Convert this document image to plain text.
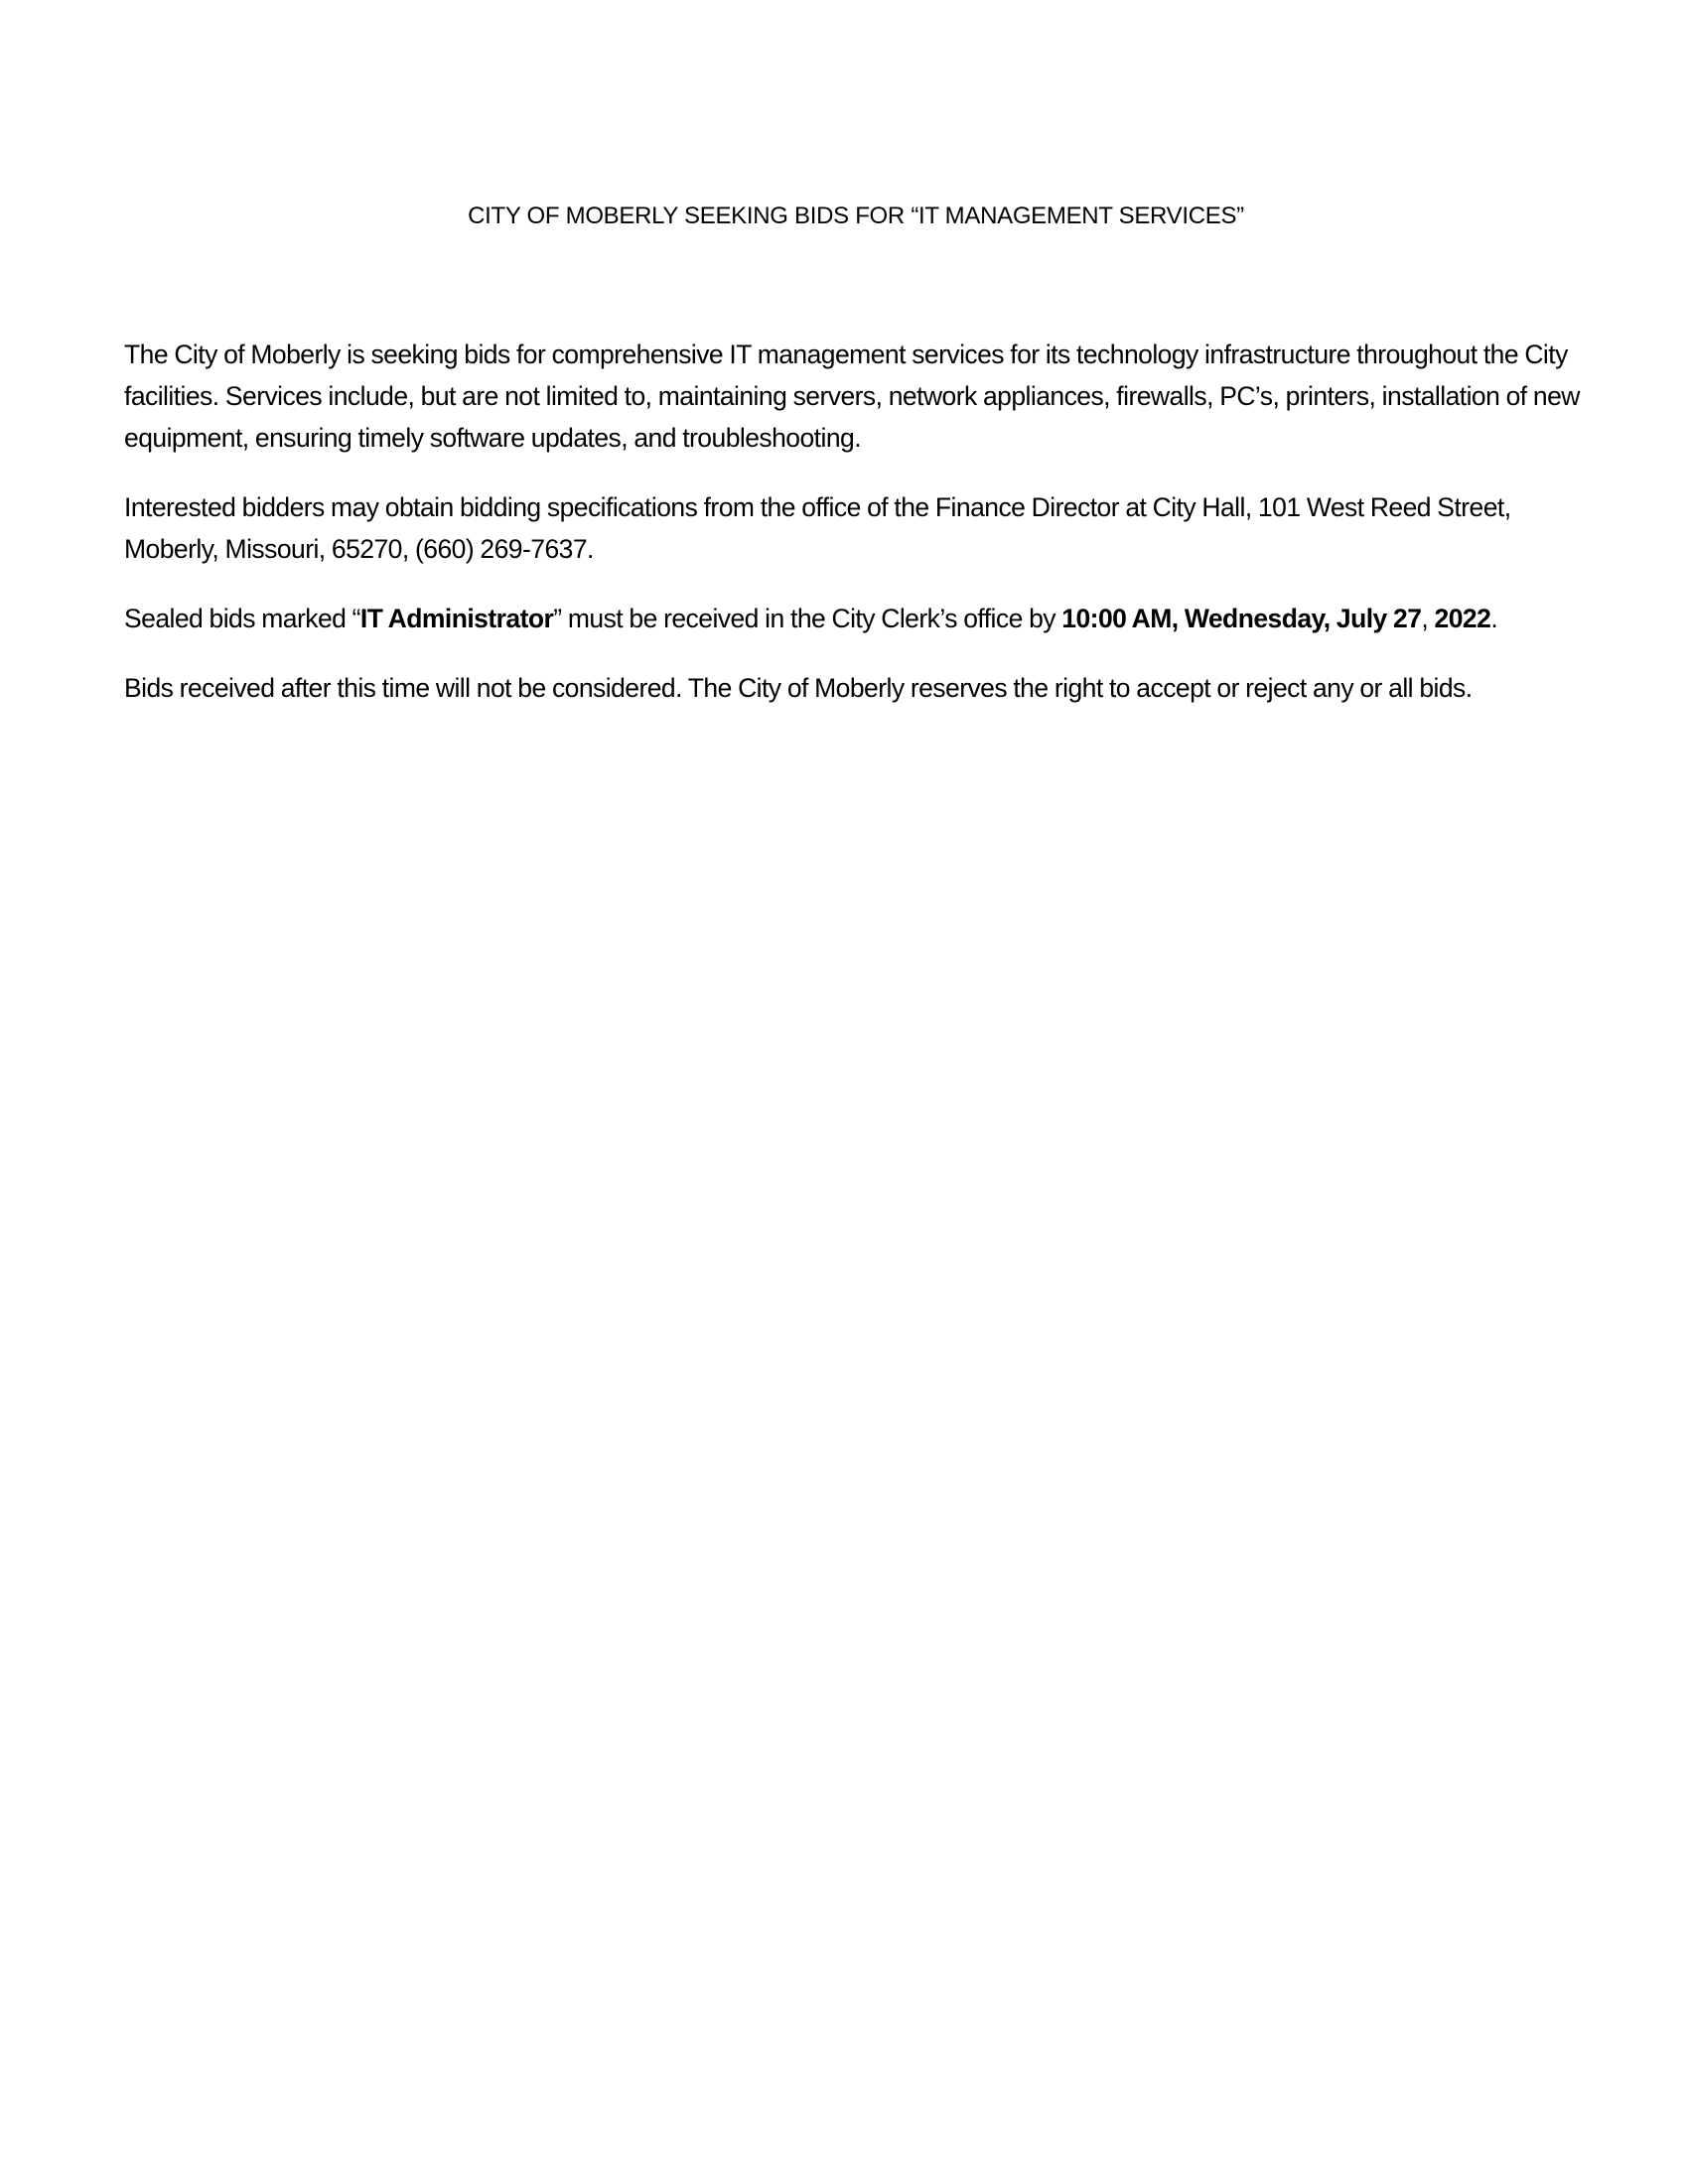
CITY OF MOBERLY SEEKING BIDS FOR “IT MANAGEMENT SERVICES”

The City of Moberly is seeking bids for comprehensive IT management services for its technology infrastructure throughout the City facilities. Services include, but are not limited to, maintaining servers, network appliances, firewalls, PC’s, printers, installation of new equipment, ensuring timely software updates, and troubleshooting.

Interested bidders may obtain bidding specifications from the office of the Finance Director at City Hall, 101 West Reed Street, Moberly, Missouri, 65270, (660) 269-7637.

Sealed bids marked “IT Administrator” must be received in the City Clerk’s office by 10:00 AM, Wednesday, July 27, 2022.

Bids received after this time will not be considered. The City of Moberly reserves the right to accept or reject any or all bids.
